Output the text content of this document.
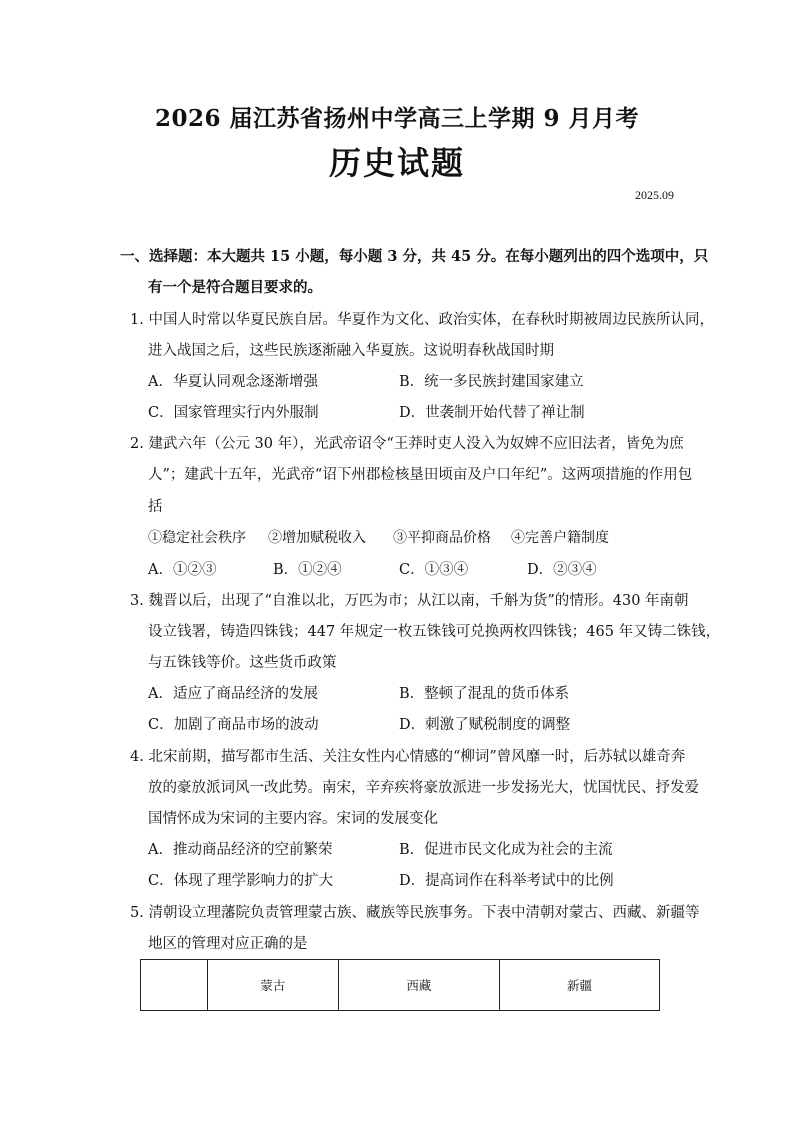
2026 届江苏省扬州中学高三上学期 9 月月考
历史试题
2025.09
一、选择题：本大题共 15 小题，每小题 3 分，共 45 分。在每小题列出的四个选项中，只
有一个是符合题目要求的。
1. 中国人时常以华夏民族自居。华夏作为文化、政治实体，在春秋时期被周边民族所认同，
进入战国之后，这些民族逐渐融入华夏族。这说明春秋战国时期
A．华夏认同观念逐渐增强	B．统一多民族封建国家建立
C．国家管理实行内外服制	D．世袭制开始代替了禅让制
2. 建武六年（公元 30 年），光武帝诏令“王莽时吏人没入为奴婢不应旧法者，皆免为庶
人”；建武十五年，光武帝“诏下州郡检核垦田顷亩及户口年纪”。这两项措施的作用包
括
①稳定社会秩序 ②增加赋税收入 ③平抑商品价格 ④完善户籍制度
A．①②③	B．①②④	C．①③④	D．②③④
3. 魏晋以后，出现了“自淮以北，万匹为市；从江以南，千斛为货”的情形。430 年南朝
设立钱署，铸造四铢钱；447 年规定一枚五铢钱可兑换两枚四铢钱；465 年又铸二铢钱，
与五铢钱等价。这些货币政策
A．适应了商品经济的发展	B．整顿了混乱的货币体系
C．加剧了商品市场的波动	D．刺激了赋税制度的调整
4. 北宋前期，描写都市生活、关注女性内心情感的“柳词”曾风靡一时，后苏轼以雄奇奔
放的豪放派词风一改此势。南宋，辛弃疾将豪放派进一步发扬光大，忧国忧民、抒发爱
国情怀成为宋词的主要内容。宋词的发展变化
A．推动商品经济的空前繁荣	B．促进市民文化成为社会的主流
C．体现了理学影响力的扩大	D．提高词作在科举考试中的比例
5. 清朝设立理藩院负责管理蒙古族、藏族等民族事务。下表中清朝对蒙古、西藏、新疆等
地区的管理对应正确的是
	蒙古	西藏	新疆
